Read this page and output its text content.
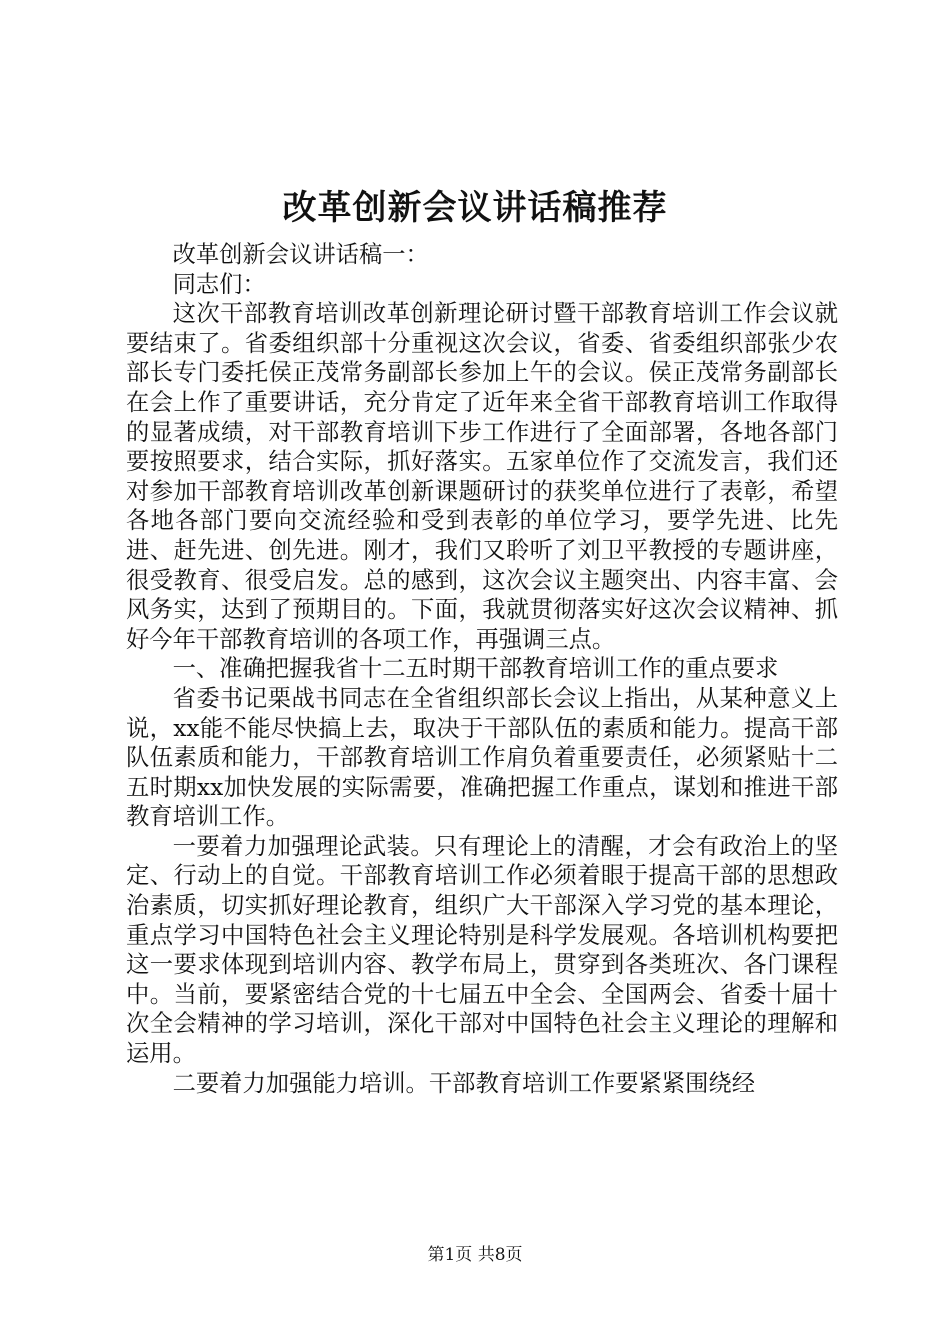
改革创新会议讲话稿推荐

改革创新会议讲话稿一：

同志们：

这次干部教育培训改革创新理论研讨暨干部教育培训工作会议就要结束了。省委组织部十分重视这次会议，省委、省委组织部张少农部长专门委托侯正茂常务副部长参加上午的会议。侯正茂常务副部长在会上作了重要讲话，充分肯定了近年来全省干部教育培训工作取得的显著成绩，对干部教育培训下步工作进行了全面部署，各地各部门要按照要求，结合实际，抓好落实。五家单位作了交流发言，我们还对参加干部教育培训改革创新课题研讨的获奖单位进行了表彰，希望各地各部门要向交流经验和受到表彰的单位学习，要学先进、比先进、赶先进、创先进。刚才，我们又聆听了刘卫平教授的专题讲座，很受教育、很受启发。总的感到，这次会议主题突出、内容丰富、会风务实，达到了预期目的。下面，我就贯彻落实好这次会议精神、抓好今年干部教育培训的各项工作，再强调三点。

一、准确把握我省十二五时期干部教育培训工作的重点要求

省委书记栗战书同志在全省组织部长会议上指出，从某种意义上说，xx能不能尽快搞上去，取决于干部队伍的素质和能力。提高干部队伍素质和能力，干部教育培训工作肩负着重要责任，必须紧贴十二五时期xx加快发展的实际需要，准确把握工作重点，谋划和推进干部教育培训工作。

一要着力加强理论武装。只有理论上的清醒，才会有政治上的坚定、行动上的自觉。干部教育培训工作必须着眼于提高干部的思想政治素质，切实抓好理论教育，组织广大干部深入学习党的基本理论，重点学习中国特色社会主义理论特别是科学发展观。各培训机构要把这一要求体现到培训内容、教学布局上，贯穿到各类班次、各门课程中。当前，要紧密结合党的十七届五中全会、全国两会、省委十届十次全会精神的学习培训，深化干部对中国特色社会主义理论的理解和运用。

二要着力加强能力培训。干部教育培训工作要紧紧围绕经

第1页 共8页
